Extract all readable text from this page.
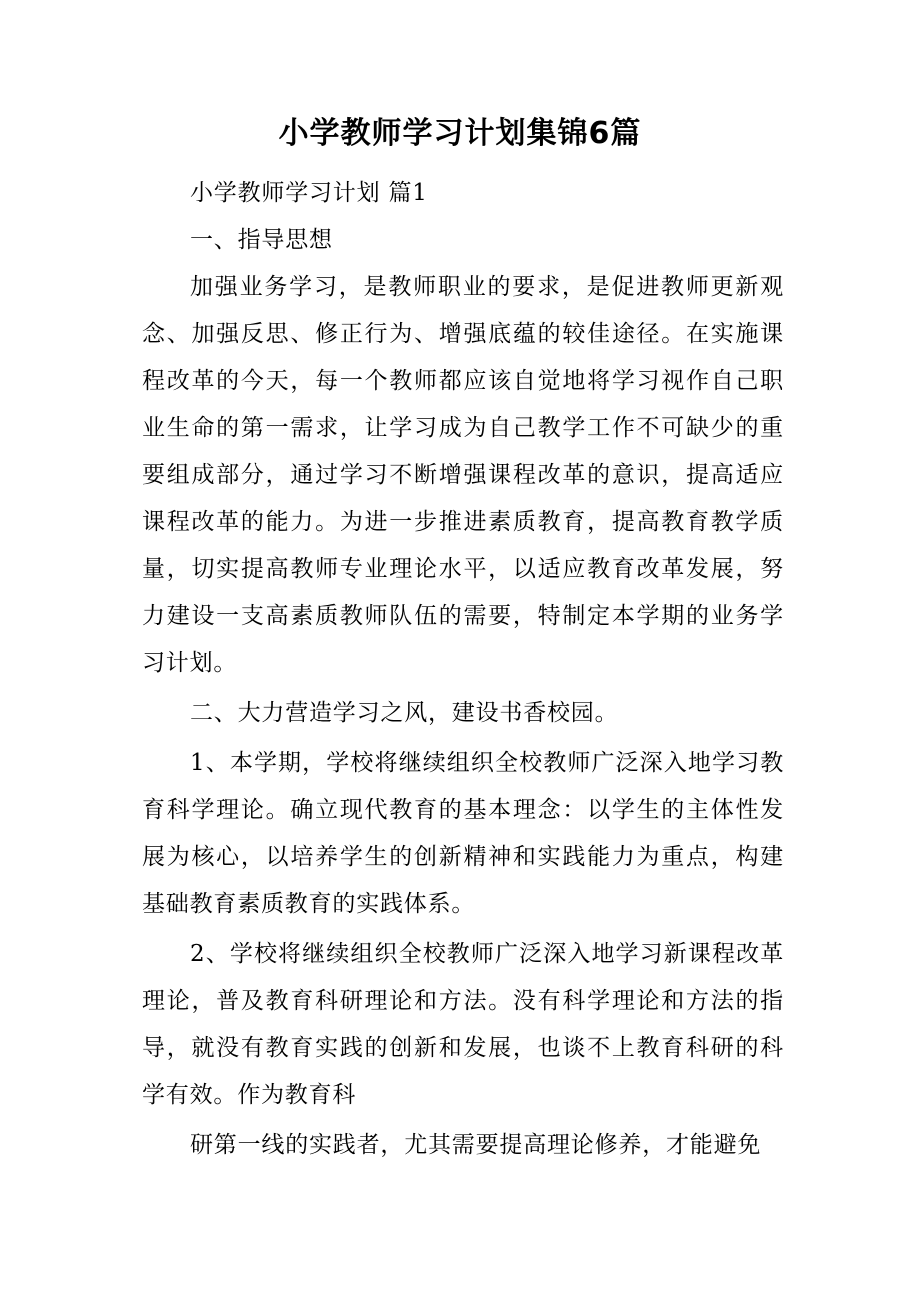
小学教师学习计划集锦6篇

小学教师学习计划 篇1

一、指导思想

加强业务学习，是教师职业的要求，是促进教师更新观念、加强反思、修正行为、增强底蕴的较佳途径。在实施课程改革的今天，每一个教师都应该自觉地将学习视作自己职业生命的第一需求，让学习成为自己教学工作不可缺少的重要组成部分，通过学习不断增强课程改革的意识，提高适应课程改革的能力。为进一步推进素质教育，提高教育教学质量，切实提高教师专业理论水平，以适应教育改革发展，努力建设一支高素质教师队伍的需要，特制定本学期的业务学习计划。

二、大力营造学习之风，建设书香校园。

1、本学期，学校将继续组织全校教师广泛深入地学习教育科学理论。确立现代教育的基本理念：以学生的主体性发展为核心，以培养学生的创新精神和实践能力为重点，构建基础教育素质教育的实践体系。

2、学校将继续组织全校教师广泛深入地学习新课程改革理论，普及教育科研理论和方法。没有科学理论和方法的指导，就没有教育实践的创新和发展，也谈不上教育科研的科学有效。作为教育科

研第一线的实践者，尤其需要提高理论修养，才能避免
